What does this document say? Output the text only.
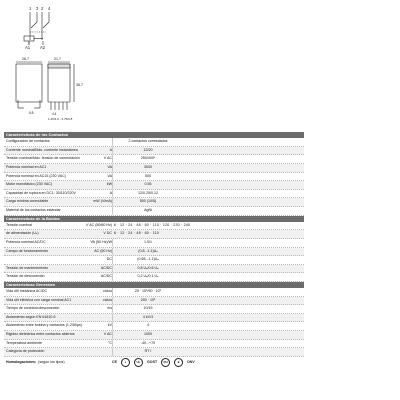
1 3 2 4
A1 A2
26.7	21.7
36.7
4.4
5.8
1.25/1.0 - 4.75/0.8
Características de los Contactos
Configuración de contactos	2 contactos conmutados
Corriente nominal/Máx. corriente instantánea	A	12/20
Tensión nominal/Máx. tensión de conmutación	V AC	250/400*
Potencia nominal en AC1	VA	3000
Potencia nominal en AC15 (230 VAC)	VA	500
Motor monofásico (230 VAC)	kW	0.55
Capacidad de ruptura en DC1: 30/110/220V	A	12/0.25/0.12
Carga mínima conmutable	mW (V/mA)	500 (10/5)
Material de los contactos estándar	AgNi
Características de la Bobina
Tensión nominal	V AC (50/60 Hz) 6 · 12 · 24 · 48 · 60 · 110 · 120 · 230 · 240
de alimentación (Uₙ)	V DC 6 · 12 · 24 · 48 · 60 · 110
Potencia nominal AC/DC	VA (50 Hz)/W	1.5/1
Campo de funcionamiento	AC (50 Hz)	(0.8...1.1)Uₙ
DC	(0.65...1.1)Uₙ
Tensión de mantenimiento	AC/DC	0.8 Uₙ/0.6 Uₙ
Tensión de desconexión	AC/DC	0.2 Uₙ/0.1 Uₙ
Características Generales
Vida útil mecánica AC/DC	ciclos	20 · 10⁶/50 · 10⁶
Vida útil eléctrica con carga nominal AC1	ciclos	200 · 10³
Tiempo de conexión/desconexión	ms	10/15
Aislamiento según EN 61810-5	4 kV/3
Aislamiento entre bobina y contactos (1.2/50µs)	kV	4
Rigidez dieléctrica entre contactos abiertos	V AC	1000
Temperatura ambiente	°C	-40...+70
Categoría de protección	RT I
Homologaciones: (según los tipos)	CE	c	UL	GOST	RU	E	DNV
